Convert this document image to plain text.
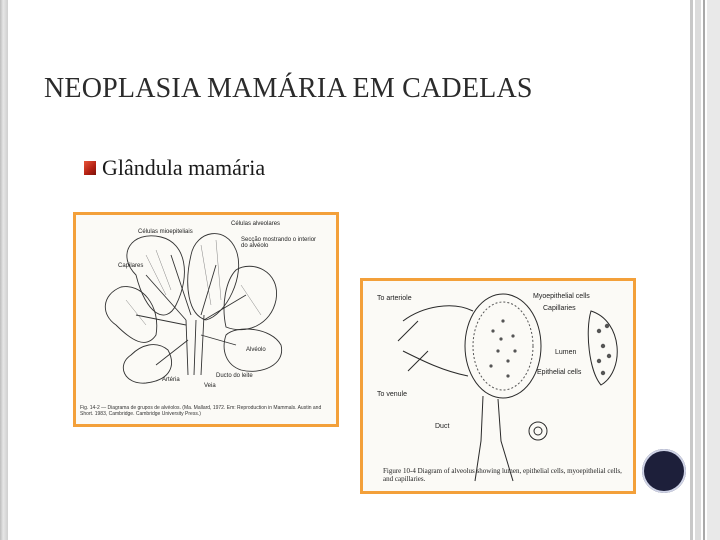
NEOPLASIA MAMÁRIA EM CADELAS
Glândula mamária
Células mioepiteliais
Células alveolares
Secção mostrando o interior do alvéolo
Capilares
Alvéolo
Artéria
Veia
Ducto do leite
Fig. 14-2 — Diagrama de grupos de alvéolos. (Ma. Mallard, 1972. Em: Reproduction in Mammals. Austin and Short. 1983, Cambridge. Cambridge University Press.)
To arteriole	Myoepithelial cells
Capillaries
Lumen
Epithelial cells
To venule
Duct
Figure 10-4 Diagram of alveolus showing lumen, epithelial cells, myoepithelial cells, and capillaries.
